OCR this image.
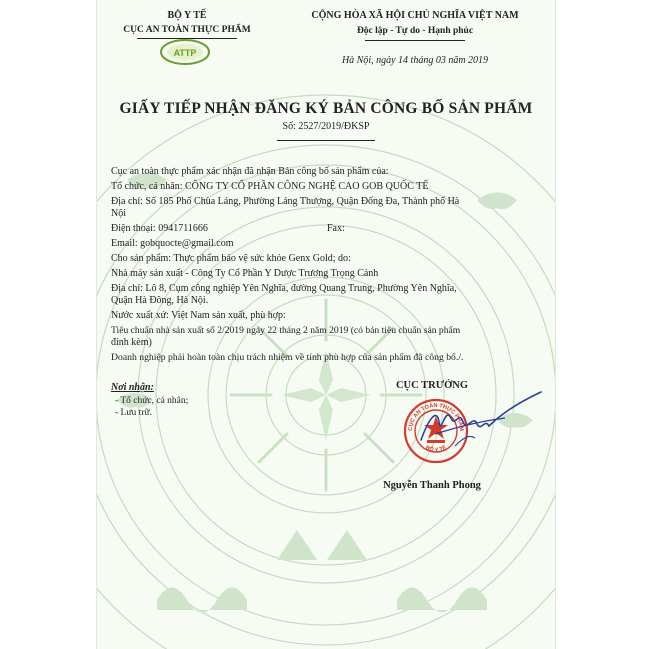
BỘ Y TẾ
CỤC AN TOÀN THỰC PHẨM
ATTP
CỘNG HÒA XÃ HỘI CHỦ NGHĨA VIỆT NAM
Độc lập - Tự do - Hạnh phúc
Hà Nội, ngày 14 tháng 03 năm 2019
GIẤY TIẾP NHẬN ĐĂNG KÝ BẢN CÔNG BỐ SẢN PHẨM
Số: 2527/2019/ĐKSP
Cục an toàn thực phẩm xác nhận đã nhận Bản công bố sản phẩm của:
Tổ chức, cá nhân: CÔNG TY CỔ PHẦN CÔNG NGHỆ CAO GOB QUỐC TẾ
Địa chỉ: Số 185 Phố Chùa Láng, Phường Láng Thượng, Quận Đống Đa, Thành phố Hà
Nội
Điện thoại: 0941711666	Fax:
Email: gobquocte@gmail.com
Cho sản phẩm: Thực phẩm bảo vệ sức khỏe Genx Gold; do:
Nhà máy sản xuất - Công Ty Cổ Phần Y Dược Trương Trọng Cảnh
Địa chỉ: Lô 8, Cụm công nghiệp Yên Nghĩa, đường Quang Trung, Phường Yên Nghĩa,
Quận Hà Đông, Hà Nội.
Nước xuất xứ: Việt Nam sản xuất, phù hợp:
Tiêu chuẩn nhà sản xuất số 2/2019 ngày 22 tháng 2 năm 2019 (có bản tiêu chuẩn sản phẩm
đính kèm)
Doanh nghiệp phải hoàn toàn chịu trách nhiệm về tính phù hợp của sản phẩm đã công bố./.
Nơi nhận:
- Tổ chức, cá nhân;
- Lưu trữ.
CỤC TRƯỞNG
CỤC AN TOÀN THỰC PHẨM
BỘ Y TẾ
Nguyễn Thanh Phong
